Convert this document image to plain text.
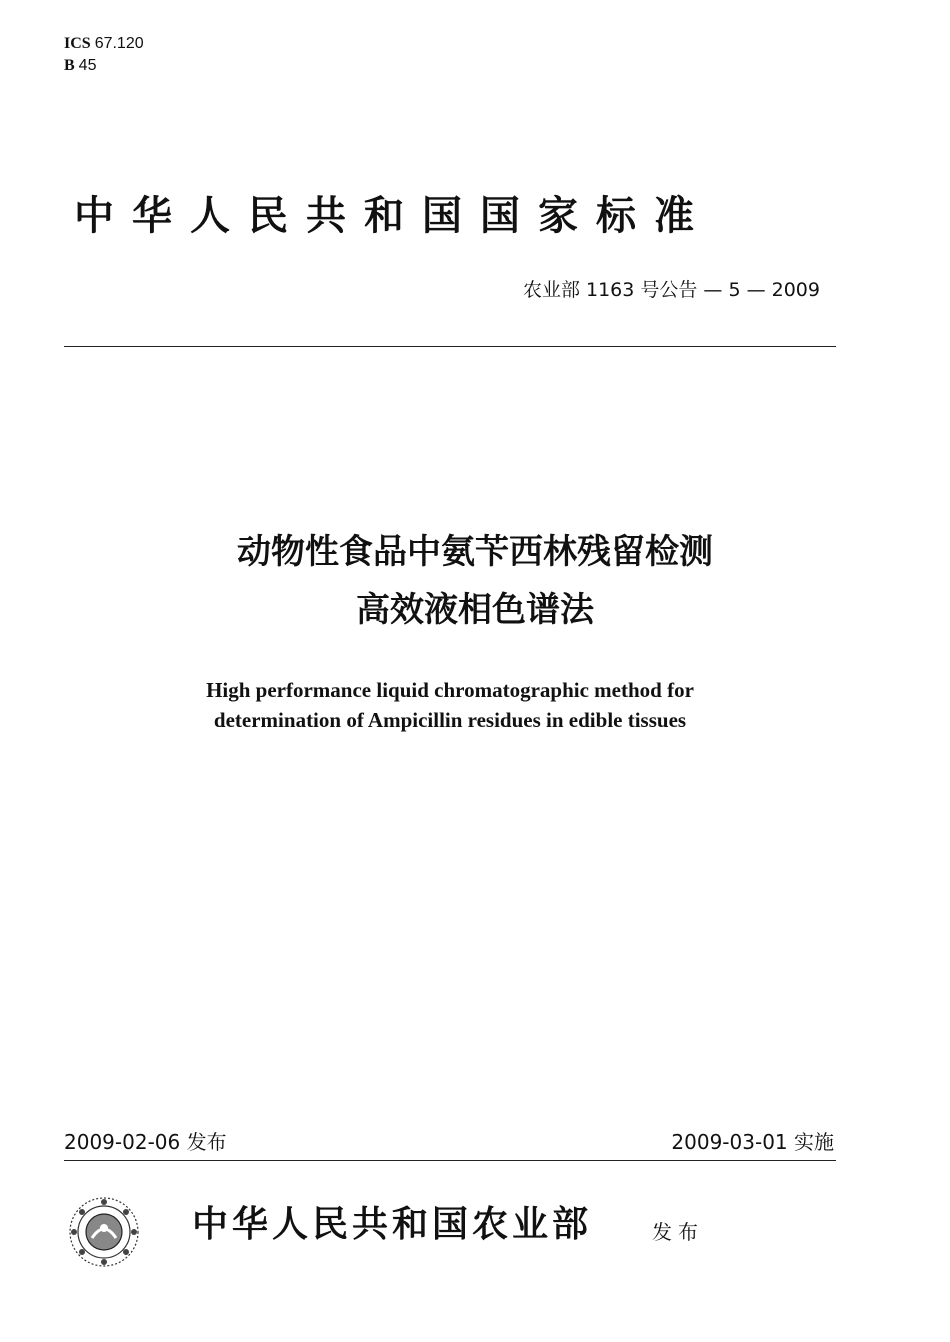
ICS 67.120
B 45
中华人民共和国国家标准
农业部 1163 号公告 — 5 — 2009
动物性食品中氨苄西林残留检测
高效液相色谱法
High performance liquid chromatographic method for
determination of Ampicillin residues in edible tissues
2009-02-06 发布	2009-03-01 实施
中华人民共和国农业部	发布
